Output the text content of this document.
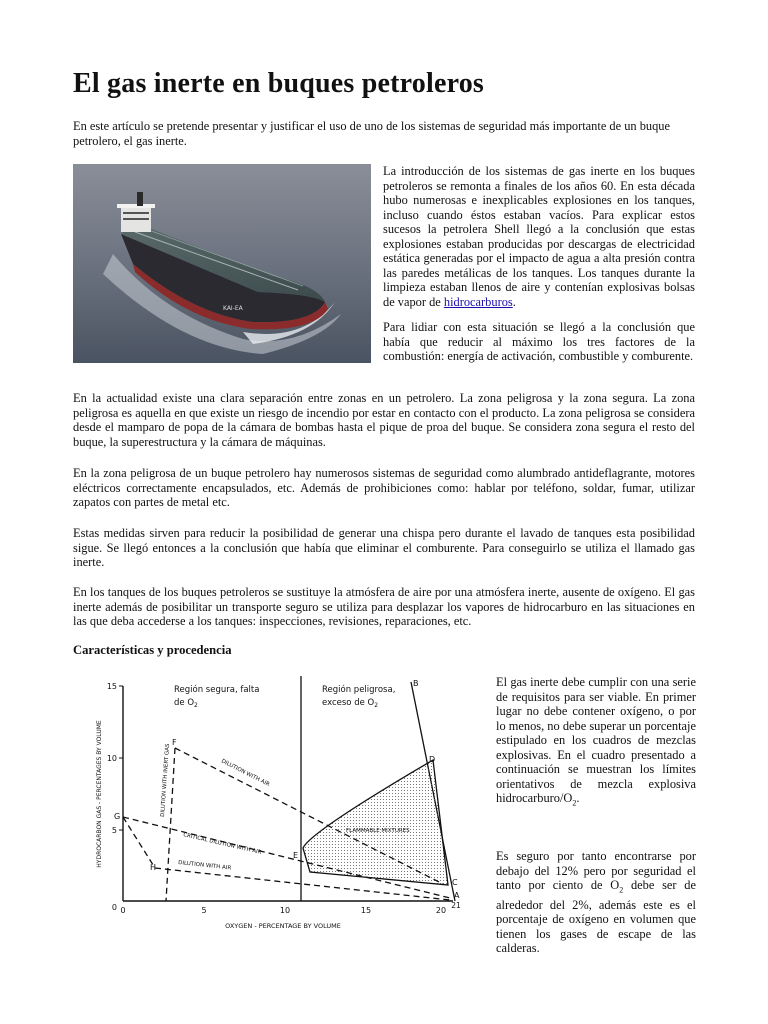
El gas inerte en buques petroleros

En este artículo se pretende presentar y justificar el uso de uno de los sistemas de seguridad más importante de un buque petrolero, el gas inerte.

KAI-EA

La introducción de los sistemas de gas inerte en los buques petroleros se remonta a finales de los años 60. En esta década hubo numerosas e inexplicables explosiones en los tanques, incluso cuando éstos estaban vacíos. Para explicar estos sucesos la petrolera Shell llegó a la conclusión que estas explosiones estaban producidas por descargas de electricidad estática generadas por el impacto de agua a alta presión contra las paredes metálicas de los tanques. Los tanques durante la limpieza estaban llenos de aire y contenían explosivas bolsas de vapor de hidrocarburos.

Para lidiar con esta situación se llegó a la conclusión que había que reducir al máximo los tres factores de la combustión: energía de activación, combustible y comburente.

En la actualidad existe una clara separación entre zonas en un petrolero. La zona peligrosa y la zona segura. La zona peligrosa es aquella en que existe un riesgo de incendio por estar en contacto con el producto. La zona peligrosa se considera desde el mamparo de popa de la cámara de bombas hasta el pique de proa del buque. Se considera zona segura el resto del buque, la superestructura y la cámara de máquinas.

En la zona peligrosa de un buque petrolero hay numerosos sistemas de seguridad como alumbrado antideflagrante, motores eléctricos correctamente encapsulados, etc. Además de prohibiciones como: hablar por teléfono, soldar, fumar, utilizar zapatos con partes de metal etc.

Estas medidas sirven para reducir la posibilidad de generar una chispa pero durante el lavado de tanques esta posibilidad sigue. Se llegó entonces a la conclusión que había que eliminar el comburente. Para conseguirlo se utiliza el llamado gas inerte.

En los tanques de los buques petroleros se sustituye la atmósfera de aire por una atmósfera inerte, ausente de oxígeno. El gas inerte además de posibilitar un transporte seguro se utiliza para desplazar los vapores de hidrocarburo en las situaciones en las que deba accederse a los tanques: inspecciones, revisiones, reparaciones, etc.

Características y procedencia
15
10
5
0 0	5	10	15	20
21
HYDROCARBON GAS - PERCENTAGES BY VOLUME
OXYGEN - PERCENTAGE BY VOLUME
A
B
C
D
E
F
G
H
Región segura, falta
de $O_2$
Región peligrosa,
exceso de $O_2$
DILUTION WITH INERT GAS	DILUTION WITH AIR
CRITICAL DILUTION WITH AIR
DILUTION WITH AIR
FLAMMABLE MIXTURES

El gas inerte debe cumplir con una serie de requisitos para ser viable. En primer lugar no debe contener oxígeno, o por lo menos, no debe superar un porcentaje estipulado en los cuadros de mezclas explosivas. En el cuadro presentado a continuación se muestran los límites orientativos de mezcla explosiva hidrocarburo/$O_2$.

Es seguro por tanto encontrarse por debajo del 12% pero por seguridad el tanto por ciento de $O_2$ debe ser de alrededor del 2%, además este es el porcentaje de oxígeno en volumen que tienen los gases de escape de las calderas.
